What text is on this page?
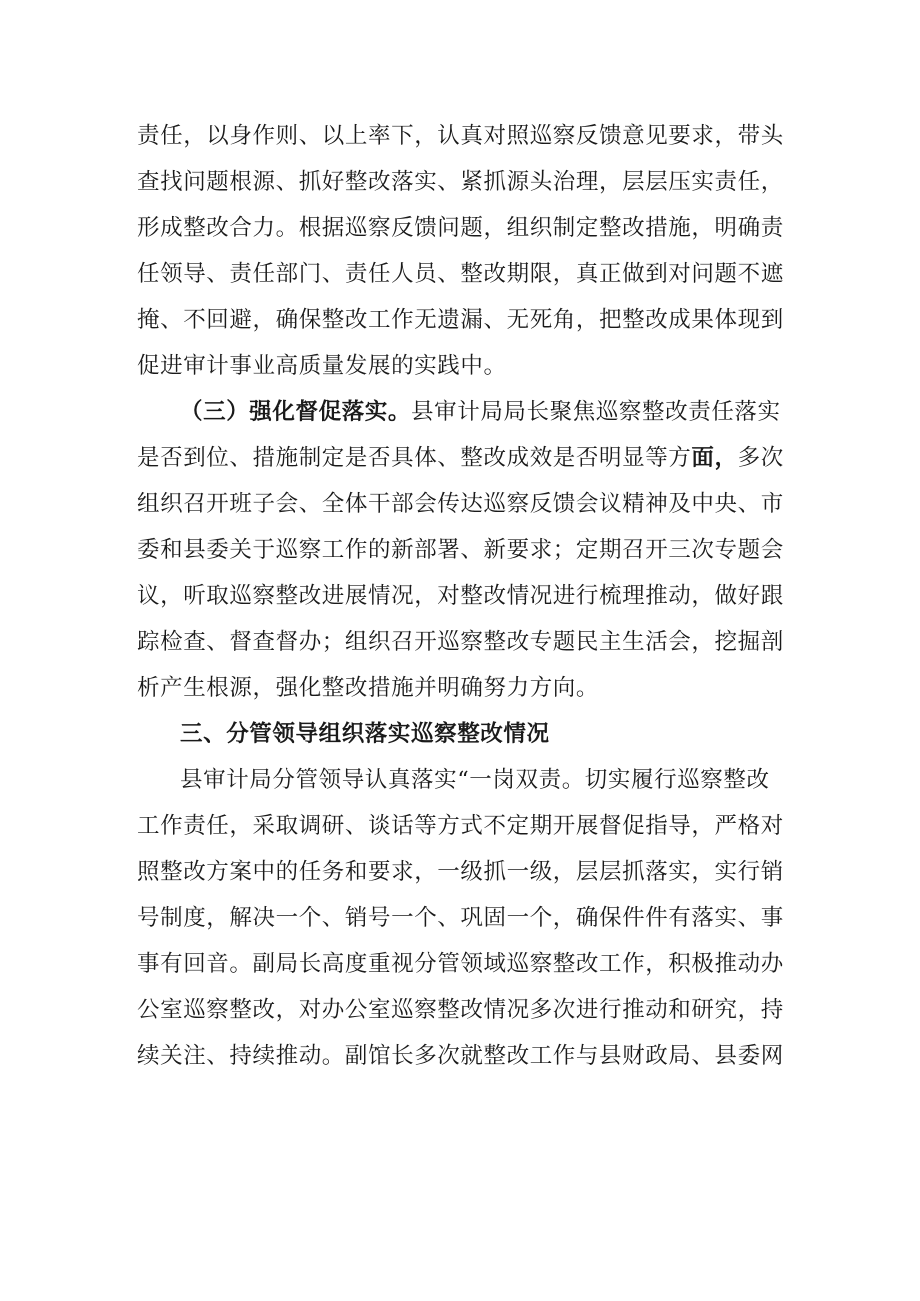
责任，以身作则、以上率下，认真对照巡察反馈意见要求，带头
查找问题根源、抓好整改落实、紧抓源头治理，层层压实责任，
形成整改合力。根据巡察反馈问题，组织制定整改措施，明确责
任领导、责任部门、责任人员、整改期限，真正做到对问题不遮
掩、不回避，确保整改工作无遗漏、无死角，把整改成果体现到
促进审计事业高质量发展的实践中。
（三）强化督促落实。县审计局局长聚焦巡察整改责任落实
是否到位、措施制定是否具体、整改成效是否明显等方面，多次
组织召开班子会、全体干部会传达巡察反馈会议精神及中央、市
委和县委关于巡察工作的新部署、新要求；定期召开三次专题会
议，听取巡察整改进展情况，对整改情况进行梳理推动，做好跟
踪检查、督查督办；组织召开巡察整改专题民主生活会，挖掘剖
析产生根源，强化整改措施并明确努力方向。
三、分管领导组织落实巡察整改情况
县审计局分管领导认真落实“一岗双责。切实履行巡察整改
工作责任，采取调研、谈话等方式不定期开展督促指导，严格对
照整改方案中的任务和要求，一级抓一级，层层抓落实，实行销
号制度，解决一个、销号一个、巩固一个，确保件件有落实、事
事有回音。副局长高度重视分管领域巡察整改工作，积极推动办
公室巡察整改，对办公室巡察整改情况多次进行推动和研究，持
续关注、持续推动。副馆长多次就整改工作与县财政局、县委网
